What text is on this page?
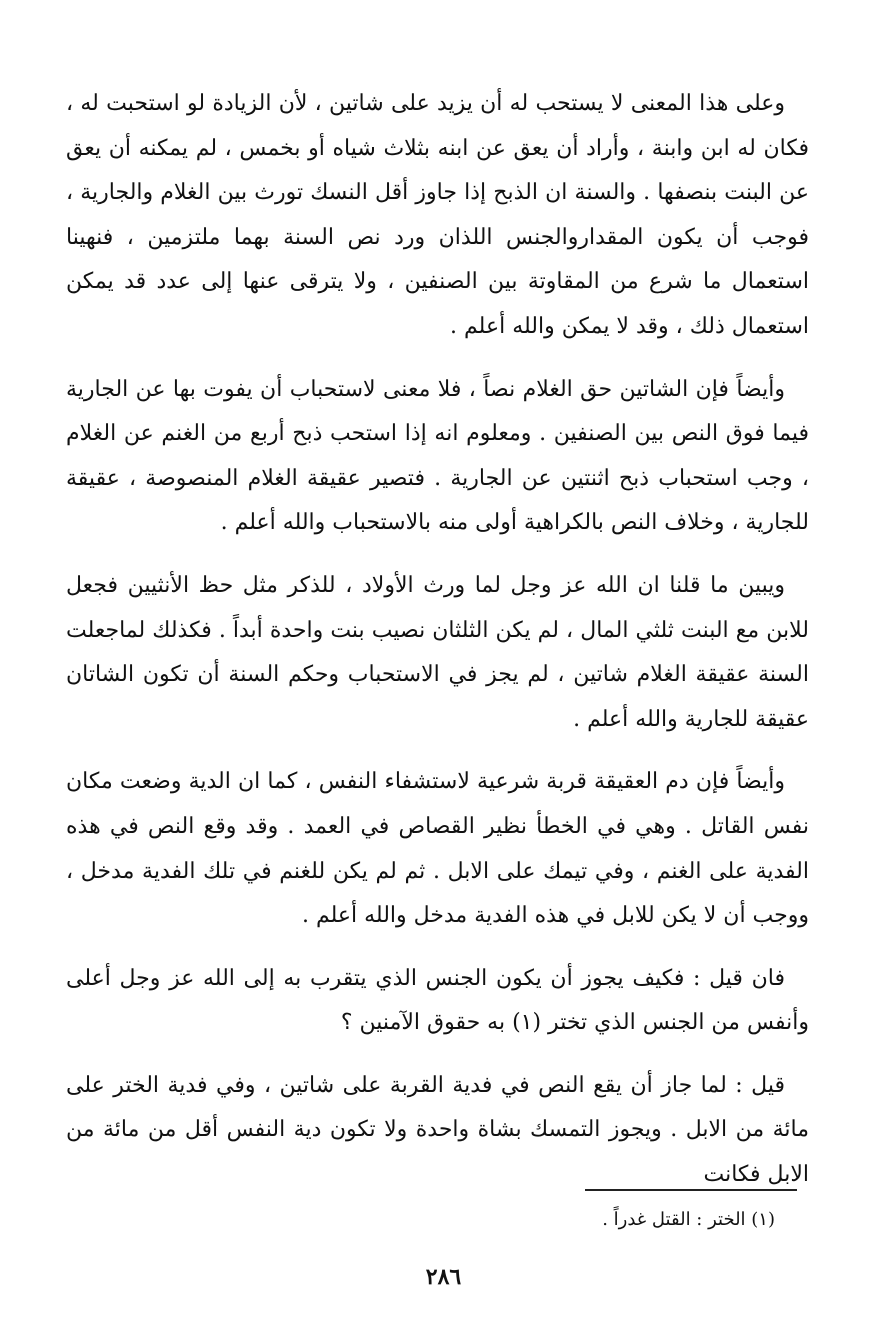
وعلى هذا المعنى لا يستحب له أن يزيد على شاتين ، لأن الزيادة لو استحبت له ، فكان له ابن وابنة ، وأراد أن يعق عن ابنه بثلاث شياه أو بخمس ، لم يمكنه أن يعق عن البنت بنصفها . والسنة ان الذبح إذا جاوز أقل النسك تورث بين الغلام والجارية ، فوجب أن يكون المقداروالجنس اللذان ورد نص السنة بهما ملتزمين ، فنهينا استعمال ما شرع من المقاوتة بين الصنفين ، ولا يترقى عنها إلى عدد قد يمكن استعمال ذلك ، وقد لا يمكن والله أعلم .

وأيضاً فإن الشاتين حق الغلام نصاً ، فلا معنى لاستحباب أن يفوت بها عن الجارية فيما فوق النص بين الصنفين . ومعلوم انه إذا استحب ذبح أربع من الغنم عن الغلام ، وجب استحباب ذبح اثنتين عن الجارية . فتصير عقيقة الغلام المنصوصة ، عقيقة للجارية ، وخلاف النص بالكراهية أولى منه بالاستحباب والله أعلم .

ويبين ما قلنا ان الله عز وجل لما ورث الأولاد ، للذكر مثل حظ الأنثيين فجعل للابن مع البنت ثلثي المال ، لم يكن الثلثان نصيب بنت واحدة أبداً . فكذلك لماجعلت السنة عقيقة الغلام شاتين ، لم يجز في الاستحباب وحكم السنة أن تكون الشاتان عقيقة للجارية والله أعلم .

وأيضاً فإن دم العقيقة قربة شرعية لاستشفاء النفس ، كما ان الدية وضعت مكان نفس القاتل . وهي في الخطأ نظير القصاص في العمد . وقد وقع النص في هذه الفدية على الغنم ، وفي تيمك على الابل . ثم لم يكن للغنم في تلك الفدية مدخل ، ووجب أن لا يكن للابل في هذه الفدية مدخل والله أعلم .

فان قيل : فكيف يجوز أن يكون الجنس الذي يتقرب به إلى الله عز وجل أعلى وأنفس من الجنس الذي تختر (١) به حقوق الآمنين ؟

قيل : لما جاز أن يقع النص في فدية القربة على شاتين ، وفي فدية الختر على مائة من الابل . ويجوز التمسك بشاة واحدة ولا تكون دية النفس أقل من مائة من الابل فكانت

(١) الختر : القتل غدراً .
٢٨٦
